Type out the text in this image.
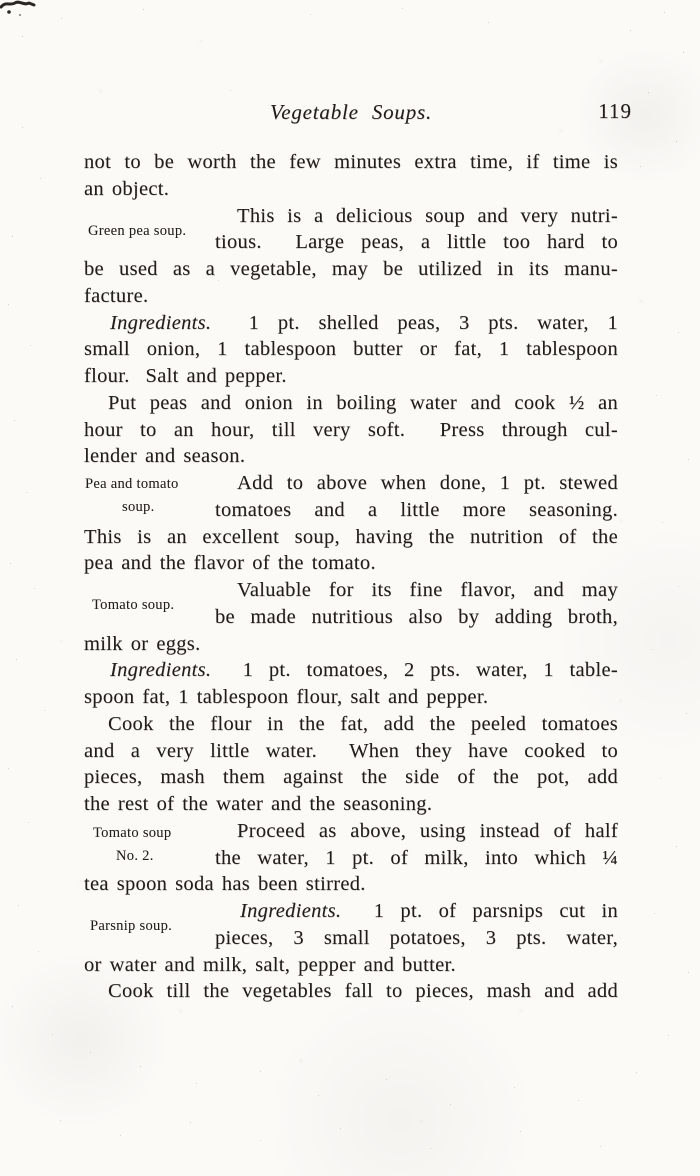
Vegetable Soups.	119
Green pea soup.
Pea and tomato
soup.
Tomato soup.
Tomato soup
No. 2.
Parsnip soup.
not to be worth the few minutes extra time, if time is
an object.
This is a delicious soup and very nutri-
tious.  Large peas, a little too hard to
be used as a vegetable, may be utilized in its manu-
facture.
Ingredients.  1 pt. shelled peas, 3 pts. water, 1
small onion, 1 tablespoon butter or fat, 1 tablespoon
flour.  Salt and pepper.
Put peas and onion in boiling water and cook ½ an
hour to an hour, till very soft.  Press through cul-
lender and season.
Add to above when done, 1 pt. stewed
tomatoes and a little more seasoning.
This is an excellent soup, having the nutrition of the
pea and the flavor of the tomato.
Valuable for its fine flavor, and may
be made nutritious also by adding broth,
milk or eggs.
Ingredients.  1 pt. tomatoes, 2 pts. water, 1 table-
spoon fat, 1 tablespoon flour, salt and pepper.
Cook the flour in the fat, add the peeled tomatoes
and a very little water.  When they have cooked to
pieces, mash them against the side of the pot, add
the rest of the water and the seasoning.
Proceed as above, using instead of half
the water, 1 pt. of milk, into which ¼
tea spoon soda has been stirred.
Ingredients.  1 pt. of parsnips cut in
pieces, 3 small potatoes, 3 pts. water,
or water and milk, salt, pepper and butter.
Cook till the vegetables fall to pieces, mash and add
